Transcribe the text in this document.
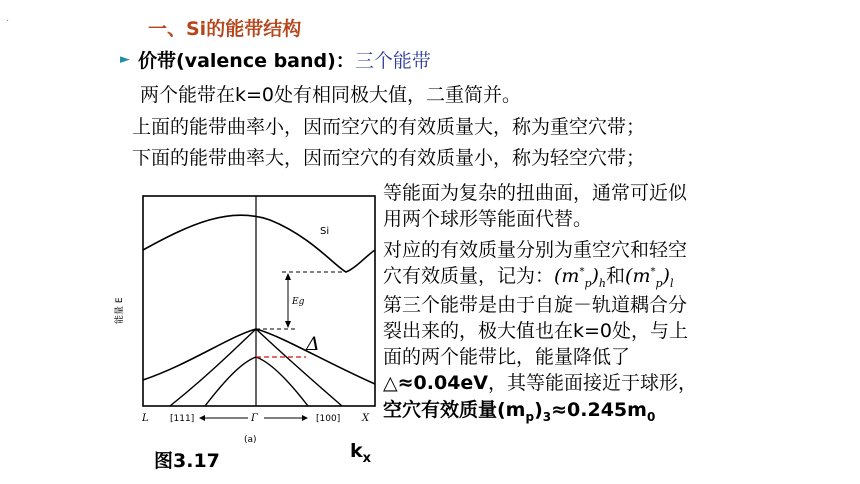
·	一、Si的能带结构
► 价带(valence band)：三个能带
两个能带在k=0处有相同极大值，二重简并。
上面的能带曲率小，因而空穴的有效质量大，称为重空穴带；
下面的能带曲率大，因而空穴的有效质量小，称为轻空穴带；
等能面为复杂的扭曲面，通常可近似
用两个球形等能面代替。
对应的有效质量分别为重空穴和轻空
穴有效质量，记为：$(m^*_p)_h$和$(m^*_p)_l$
第三个能带是由于自旋－轨道耦合分
裂出来的，极大值也在k=0处，与上
面的两个能带比，能量降低了
△≈0.04eV，其等能面接近于球形，
空穴有效质量$(m_p)_3\approx 0.245m_0$
Eg
Δ
Si
能量 E
L [111]	Γ	[100] X
(a)
图3.17	$k_x$
